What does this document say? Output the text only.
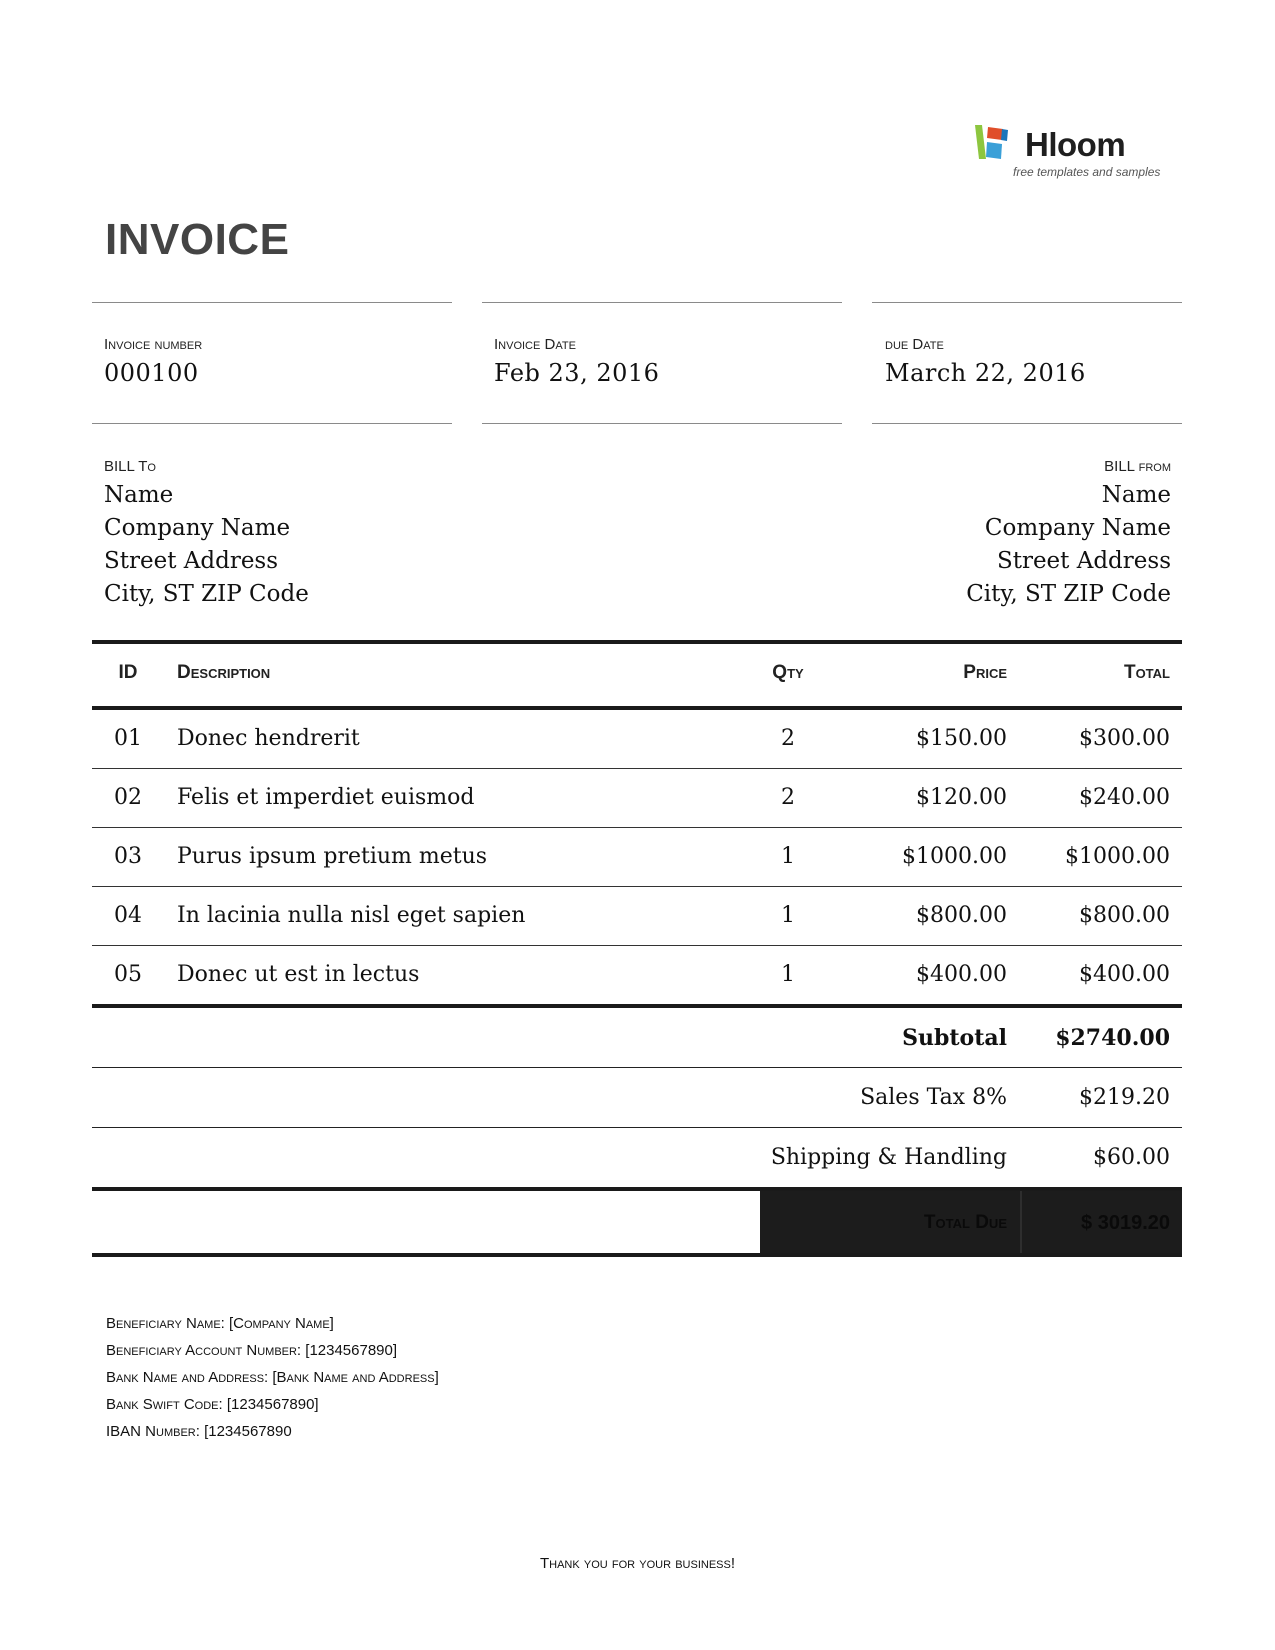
Hloom
free templates and samples
INVOICE
Invoice number
000100
Invoice Date
Feb 23, 2016
due Date
March 22, 2016
BILL To
Name
Company Name
Street Address
City, ST ZIP Code
BILL from
Name
Company Name
Street Address
City, ST ZIP Code
ID	Description	Qty	Price	Total
01	Donec hendrerit	2	$150.00	$300.00
02	Felis et imperdiet euismod	2	$120.00	$240.00
03	Purus ipsum pretium metus	1	$1000.00	$1000.00
04	In lacinia nulla nisl eget sapien	1	$800.00	$800.00
05	Donec ut est in lectus	1	$400.00	$400.00
Subtotal $2740.00
Sales Tax 8%	$219.20
Shipping & Handling	$60.00
Total Due	$ 3019.20
Beneficiary Name: [Company Name]
Beneficiary Account Number: [1234567890]
Bank Name and Address: [Bank Name and Address]
Bank Swift Code: [1234567890]
IBAN Number: [1234567890
Thank you for your business!
